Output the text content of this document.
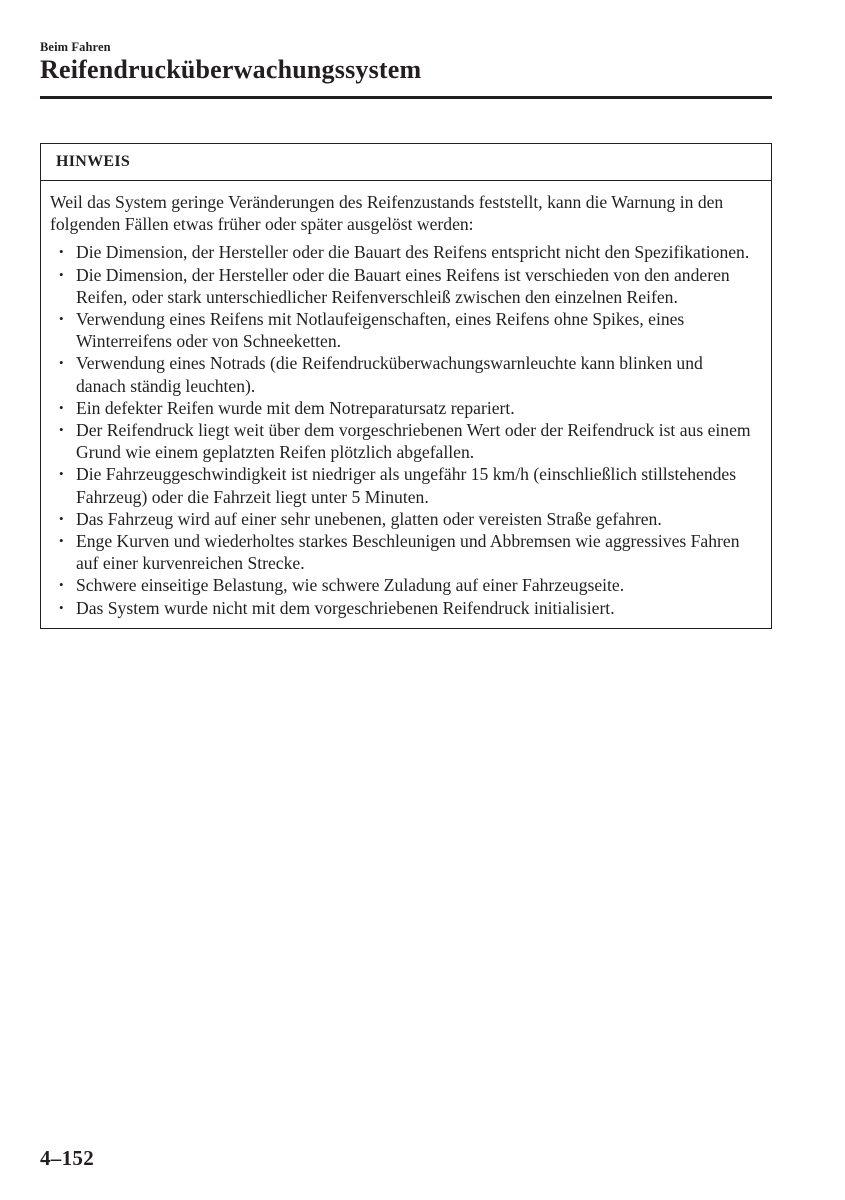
Beim Fahren
Reifendrucküberwachungssystem
HINWEIS

Weil das System geringe Veränderungen des Reifenzustands feststellt, kann die Warnung in den folgenden Fällen etwas früher oder später ausgelöst werden:

• Die Dimension, der Hersteller oder die Bauart des Reifens entspricht nicht den Spezifikationen.
• Die Dimension, der Hersteller oder die Bauart eines Reifens ist verschieden von den anderen Reifen, oder stark unterschiedlicher Reifenverschleiß zwischen den einzelnen Reifen.
• Verwendung eines Reifens mit Notlaufeigenschaften, eines Reifens ohne Spikes, eines Winterreifens oder von Schneeketten.
• Verwendung eines Notrads (die Reifendrucküberwachungswarnleuchte kann blinken und danach ständig leuchten).
• Ein defekter Reifen wurde mit dem Notreparatursatz repariert.
• Der Reifendruck liegt weit über dem vorgeschriebenen Wert oder der Reifendruck ist aus einem Grund wie einem geplatzten Reifen plötzlich abgefallen.
• Die Fahrzeuggeschwindigkeit ist niedriger als ungefähr 15 km/h (einschließlich stillstehendes Fahrzeug) oder die Fahrzeit liegt unter 5 Minuten.
• Das Fahrzeug wird auf einer sehr unebenen, glatten oder vereisten Straße gefahren.
• Enge Kurven und wiederholtes starkes Beschleunigen und Abbremsen wie aggressives Fahren auf einer kurvenreichen Strecke.
• Schwere einseitige Belastung, wie schwere Zuladung auf einer Fahrzeugseite.
• Das System wurde nicht mit dem vorgeschriebenen Reifendruck initialisiert.
4–152
